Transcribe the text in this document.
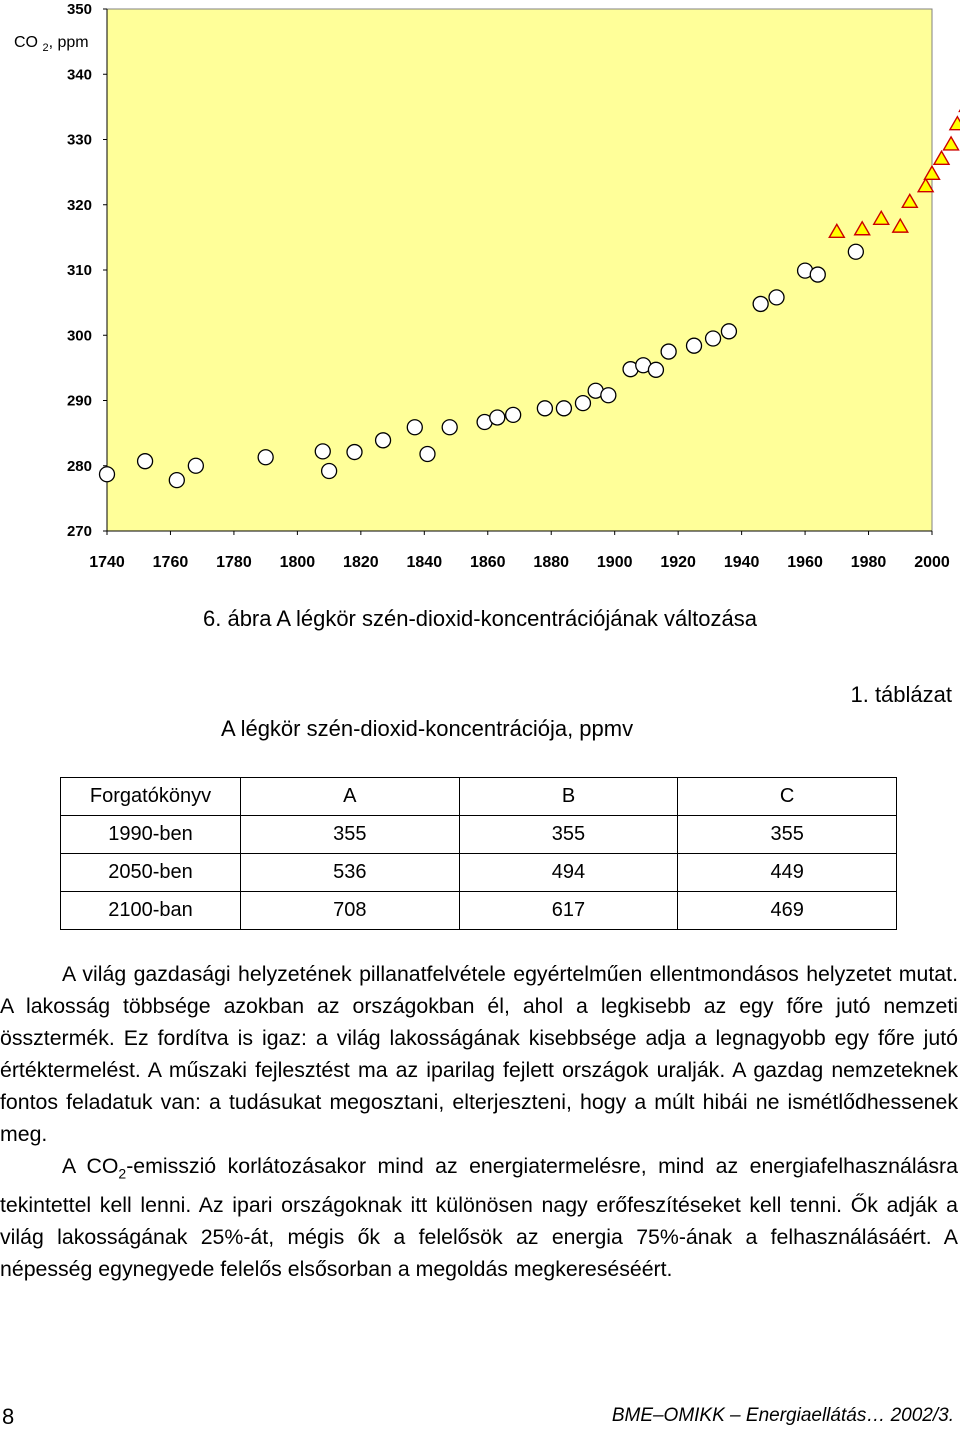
CO $_2$, ppm
270
280
290
300
310
320
330
340
350
1740 1760 1780 1800 1820 1840 1860 1880 1900 1920 1940 1960 1980 2000
6. ábra A légkör szén-dioxid-koncentrációjának változása
1. táblázat
A légkör szén-dioxid-koncentrációja, ppmv
Forgatókönyv	A	B	C
1990-ben	355	355	355
2050-ben	536	494	449
2100-ban	708	617	469

A világ gazdasági helyzetének pillanatfelvétele egyértelműen ellentmondásos helyzetet mutat. A lakosság többsége azokban az országokban él, ahol a legkisebb az egy főre jutó nemzeti össztermék. Ez fordítva is igaz: a világ lakosságának kisebbsége adja a legnagyobb egy főre jutó értéktermelést. A műszaki fejlesztést ma az iparilag fejlett országok uralják. A gazdag nemzeteknek fontos feladatuk van: a tudásukat megosztani, elterjeszteni, hogy a múlt hibái ne ismétlődhessenek meg.

A $CO_2$-emisszió korlátozásakor mind az energiatermelésre, mind az energiafelhasználásra tekintettel kell lenni. Az ipari országoknak itt különösen nagy erőfeszítéseket kell tenni. Ők adják a világ lakosságának 25%-át, mégis ők a felelősök az energia 75%-ának a felhasználásáért. A népesség egynegyede felelős elsősorban a megoldás megkereséséért.

8	BME–OMIKK – Energiaellátás… 2002/3.
